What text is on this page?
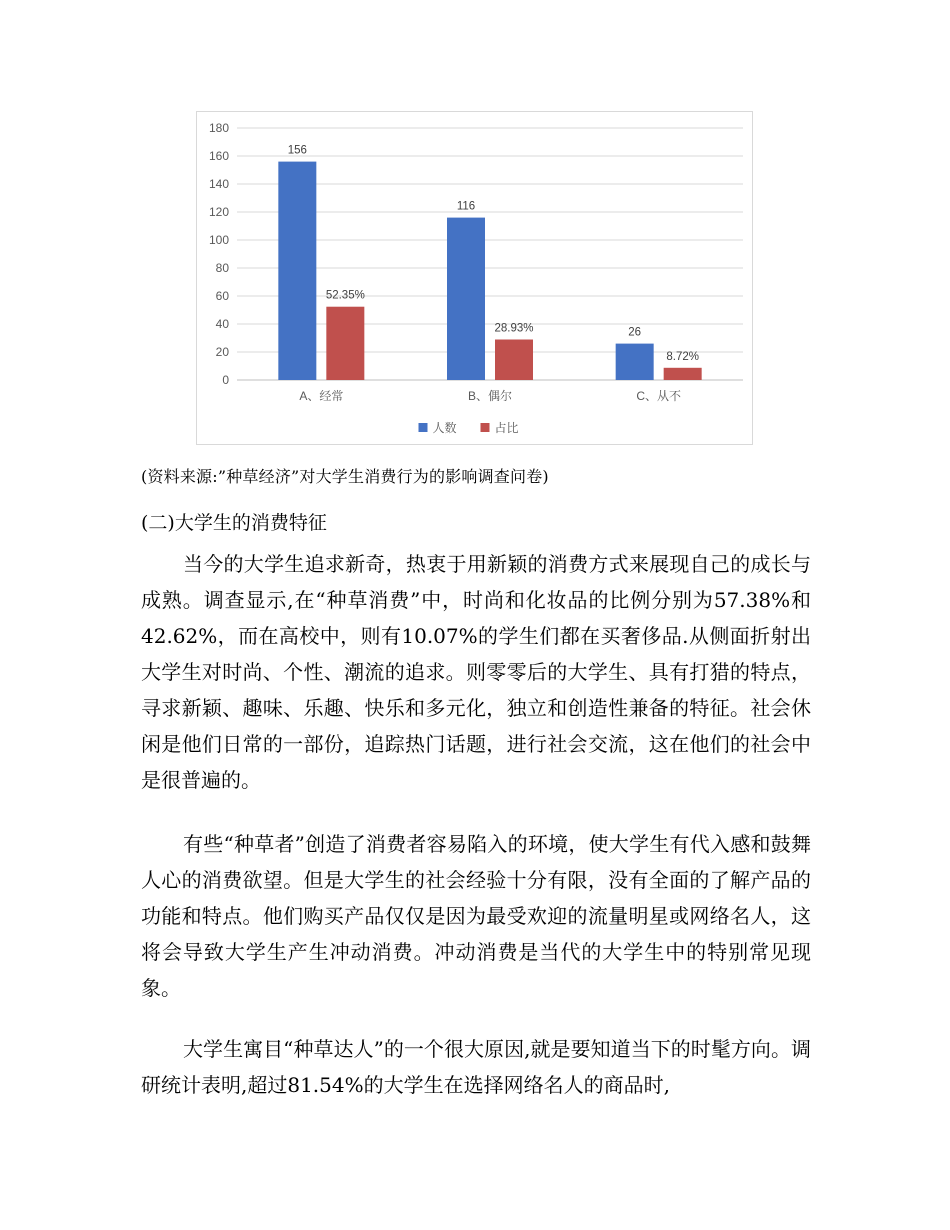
0
20
40
60
80
100
120
140
160
180
156
52.35%
A、经常
116
28.93%
B、偶尔
26
8.72%
C、从不
人数	占比
(资料来源:”种草经济”对大学生消费行为的影响调查问卷)
(二)大学生的消费特征

当今的大学生追求新奇，热衷于用新颖的消费方式来展现自己的成长与成熟。调查显示,在“种草消费”中，时尚和化妆品的比例分别为57.38%和42.62%，而在高校中，则有10.07%的学生们都在买奢侈品.从侧面折射出大学生对时尚、个性、潮流的追求。则零零后的大学生、具有打猎的特点，寻求新颖、趣味、乐趣、快乐和多元化，独立和创造性兼备的特征。社会休闲是他们日常的一部份，追踪热门话题，进行社会交流，这在他们的社会中是很普遍的。

有些“种草者”创造了消费者容易陷入的环境，使大学生有代入感和鼓舞人心的消费欲望。但是大学生的社会经验十分有限，没有全面的了解产品的功能和特点。他们购买产品仅仅是因为最受欢迎的流量明星或网络名人，这将会导致大学生产生冲动消费。冲动消费是当代的大学生中的特别常见现象。

大学生寓目“种草达人”的一个很大原因,就是要知道当下的时髦方向。调研统计表明,超过81.54%的大学生在选择网络名人的商品时,
